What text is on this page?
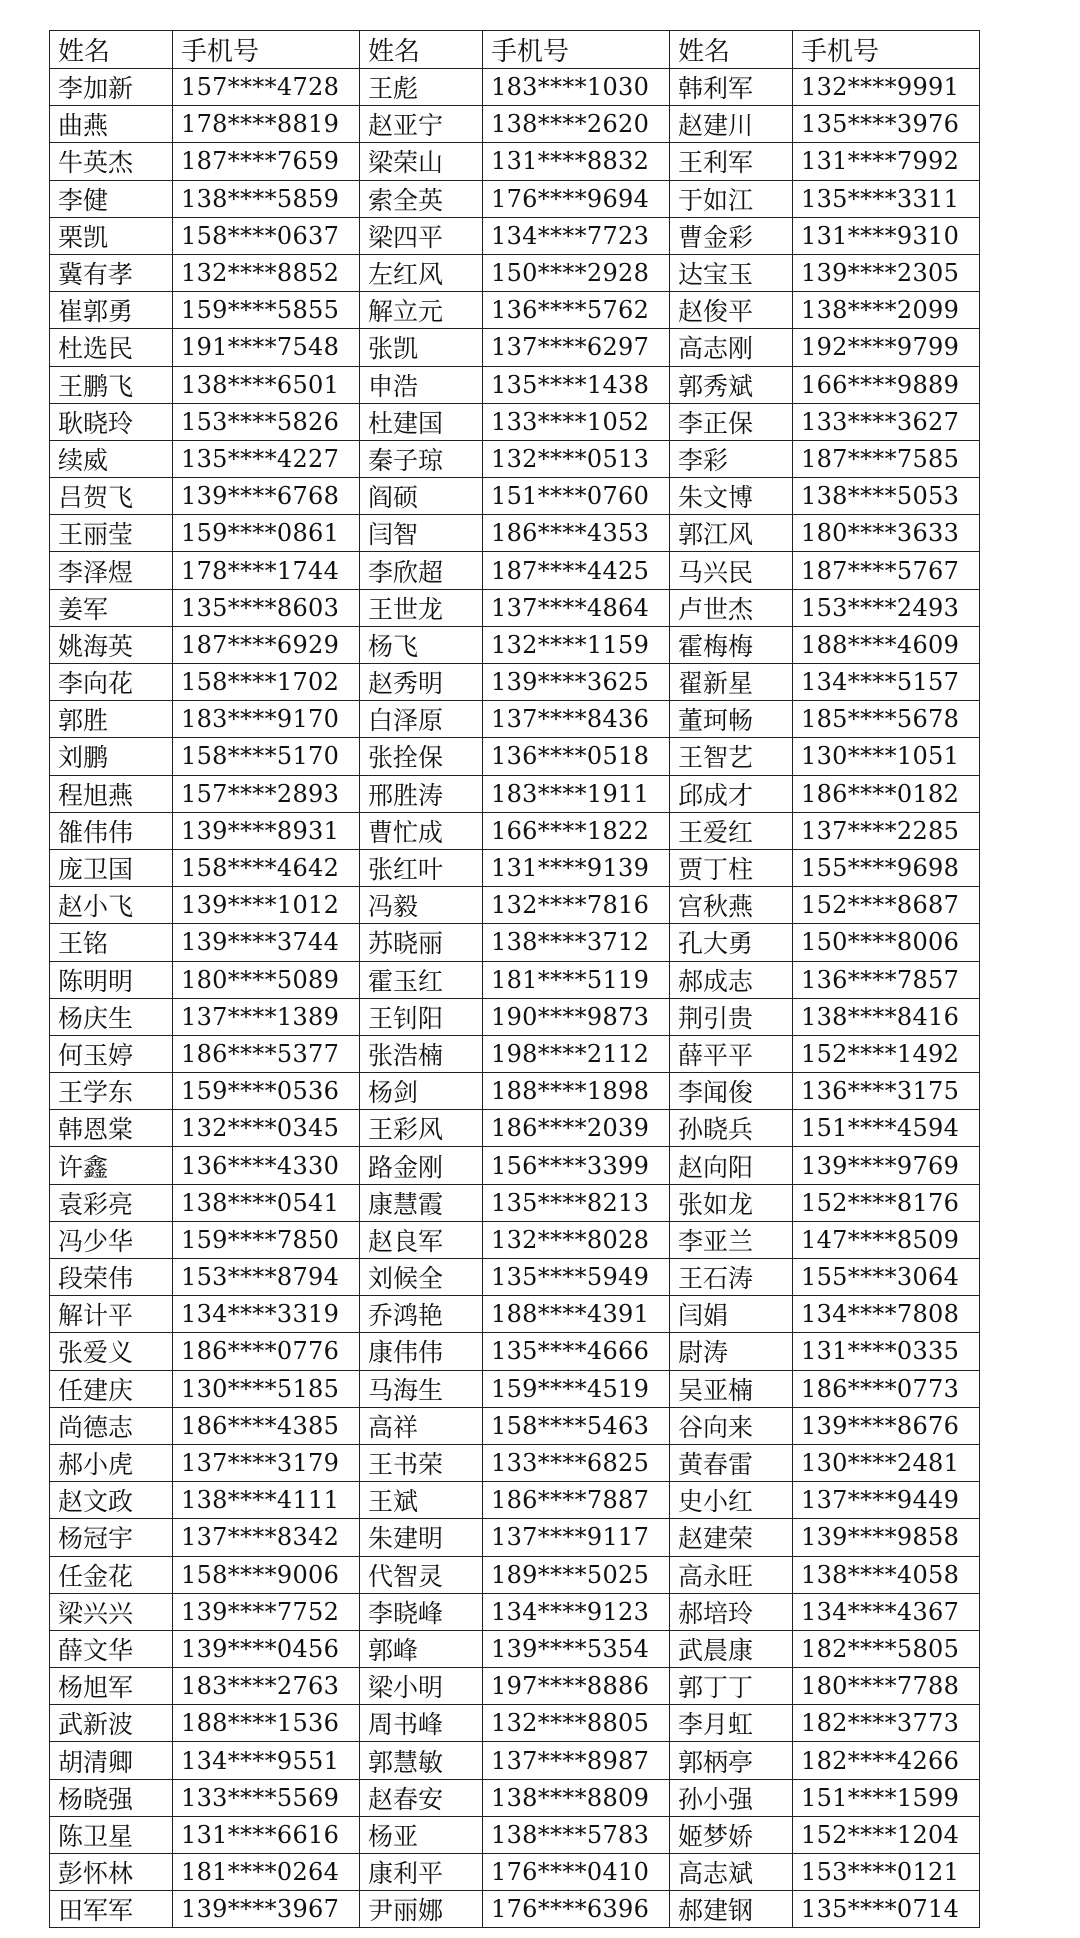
姓名	手机号	姓名	手机号	姓名	手机号
李加新	157****4728	王彪	183****1030	韩利军	132****9991
曲燕	178****8819	赵亚宁	138****2620	赵建川	135****3976
牛英杰	187****7659	梁荣山	131****8832	王利军	131****7992
李健	138****5859	索全英	176****9694	于如江	135****3311
栗凯	158****0637	梁四平	134****7723	曹金彩	131****9310
冀有孝	132****8852	左红风	150****2928	达宝玉	139****2305
崔郭勇	159****5855	解立元	136****5762	赵俊平	138****2099
杜选民	191****7548	张凯	137****6297	高志刚	192****9799
王鹏飞	138****6501	申浩	135****1438	郭秀斌	166****9889
耿晓玲	153****5826	杜建国	133****1052	李正保	133****3627
续威	135****4227	秦子琼	132****0513	李彩	187****7585
吕贺飞	139****6768	阎硕	151****0760	朱文博	138****5053
王丽莹	159****0861	闫智	186****4353	郭江风	180****3633
李泽煜	178****1744	李欣超	187****4425	马兴民	187****5767
姜军	135****8603	王世龙	137****4864	卢世杰	153****2493
姚海英	187****6929	杨飞	132****1159	霍梅梅	188****4609
李向花	158****1702	赵秀明	139****3625	翟新星	134****5157
郭胜	183****9170	白泽原	137****8436	董珂畅	185****5678
刘鹏	158****5170	张拴保	136****0518	王智艺	130****1051
程旭燕	157****2893	邢胜涛	183****1911	邱成才	186****0182
雒伟伟	139****8931	曹忙成	166****1822	王爱红	137****2285
庞卫国	158****4642	张红叶	131****9139	贾丁柱	155****9698
赵小飞	139****1012	冯毅	132****7816	宫秋燕	152****8687
王铭	139****3744	苏晓丽	138****3712	孔大勇	150****8006
陈明明	180****5089	霍玉红	181****5119	郝成志	136****7857
杨庆生	137****1389	王钊阳	190****9873	荆引贵	138****8416
何玉婷	186****5377	张浩楠	198****2112	薛平平	152****1492
王学东	159****0536	杨剑	188****1898	李闻俊	136****3175
韩恩棠	132****0345	王彩风	186****2039	孙晓兵	151****4594
许鑫	136****4330	路金刚	156****3399	赵向阳	139****9769
袁彩亮	138****0541	康慧霞	135****8213	张如龙	152****8176
冯少华	159****7850	赵良军	132****8028	李亚兰	147****8509
段荣伟	153****8794	刘候全	135****5949	王石涛	155****3064
解计平	134****3319	乔鸿艳	188****4391	闫娟	134****7808
张爱义	186****0776	康伟伟	135****4666	尉涛	131****0335
任建庆	130****5185	马海生	159****4519	吴亚楠	186****0773
尚德志	186****4385	高祥	158****5463	谷向来	139****8676
郝小虎	137****3179	王书荣	133****6825	黄春雷	130****2481
赵文政	138****4111	王斌	186****7887	史小红	137****9449
杨冠宇	137****8342	朱建明	137****9117	赵建荣	139****9858
任金花	158****9006	代智灵	189****5025	高永旺	138****4058
梁兴兴	139****7752	李晓峰	134****9123	郝培玲	134****4367
薛文华	139****0456	郭峰	139****5354	武晨康	182****5805
杨旭军	183****2763	梁小明	197****8886	郭丁丁	180****7788
武新波	188****1536	周书峰	132****8805	李月虹	182****3773
胡清卿	134****9551	郭慧敏	137****8987	郭柄亭	182****4266
杨晓强	133****5569	赵春安	138****8809	孙小强	151****1599
陈卫星	131****6616	杨亚	138****5783	姬梦娇	152****1204
彭怀林	181****0264	康利平	176****0410	高志斌	153****0121
田军军	139****3967	尹丽娜	176****6396	郝建钢	135****0714
